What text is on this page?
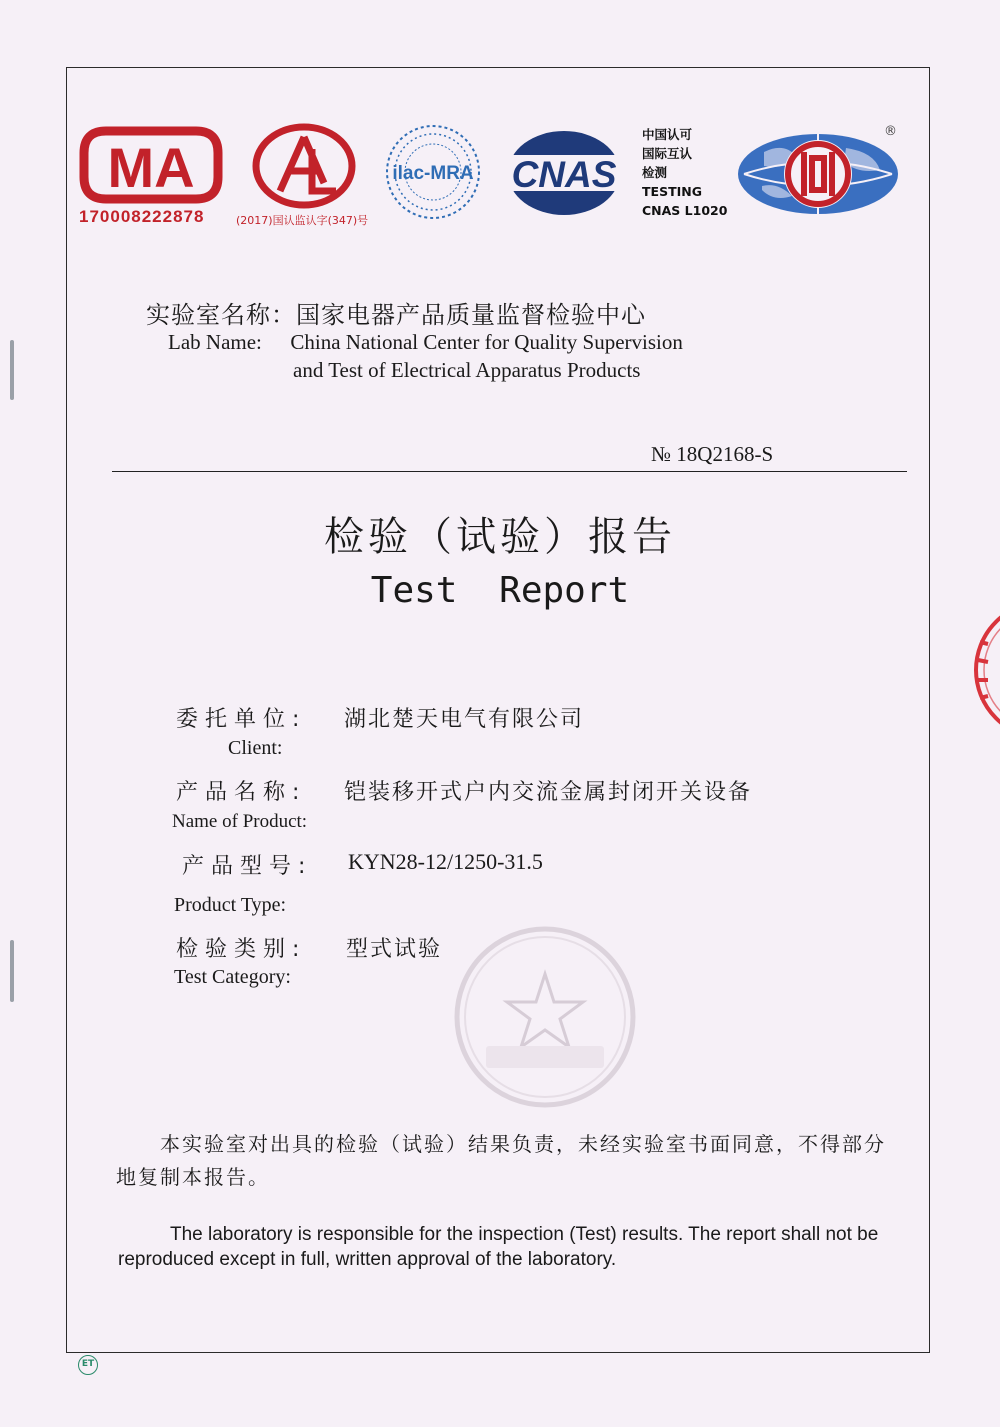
MA
170008222878	(2017)国认监认字(347)号
ilac-MRA CNAS
中国认可
国际互认
检测
TESTING
CNAS L1020
®
实验室名称：国家电器产品质量监督检验中心
Lab Name: China National Center for Quality Supervision
and Test of Electrical Apparatus Products
№ 18Q2168-S
检验（试验）报告
Test Report
委托单位: 湖北楚天电气有限公司
Client:
产品名称: 铠装移开式户内交流金属封闭开关设备
Name of Product:
产品型号: KYN28-12/1250-31.5
Product Type:
检验类别: 型式试验
Test Category:
本实验室对出具的检验（试验）结果负责，未经实验室书面同意，不得部分地复制本报告。
The laboratory is responsible for the inspection (Test) results. The report shall not be reproduced except in full, written approval of the laboratory.
ET
